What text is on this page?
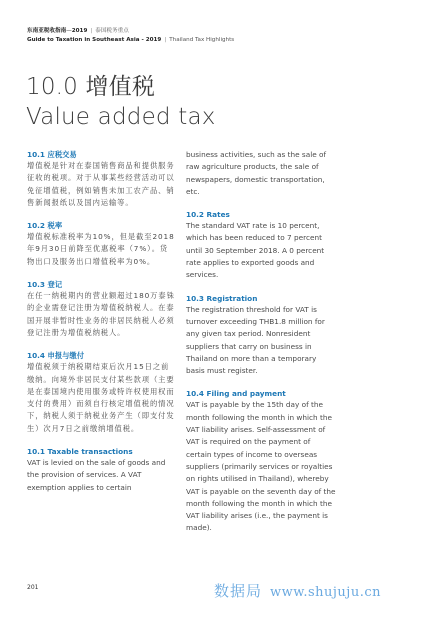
东南亚税收指南—2019 | 泰国税务重点
Guide to Taxation in Southeast Asia - 2019 | Thailand Tax Highlights
10.0 增值税
Value added tax

10.1 应税交易

增值税是针对在泰国销售商品和提供服务征收的税项。对于从事某些经营活动可以免征增值税，例如销售未加工农产品、销售新闻报纸以及国内运输等。

10.2 税率

增值税标准税率为10%，但是截至2018年9月30日前降至优惠税率（7%）。货物出口及服务出口增值税率为0%。

10.3 登记

在任一纳税期内的营业额超过180万泰铢的企业需登记注册为增值税纳税人。在泰国开展非暂时性业务的非居民纳税人必须登记注册为增值税纳税人。

10.4 申报与缴付

增值税须于纳税期结束后次月15日之前缴纳。向境外非居民支付某些款项（主要是在泰国境内使用服务或特许权使用权而支付的费用）而须自行核定增值税的情况下，纳税人须于纳税业务产生（即支付发生）次月7日之前缴纳增值税。

10.1 Taxable transactions

VAT is levied on the sale of goods and the provision of services. A VAT exemption applies to certain

business activities, such as the sale of raw agriculture products, the sale of newspapers, domestic transportation, etc.

10.2 Rates

The standard VAT rate is 10 percent, which has been reduced to 7 percent until 30 September 2018. A 0 percent rate applies to exported goods and services.

10.3 Registration

The registration threshold for VAT is turnover exceeding THB1.8 million for any given tax period. Nonresident suppliers that carry on business in Thailand on more than a temporary basis must register.

10.4 Filing and payment

VAT is payable by the 15th day of the month following the month in which the VAT liability arises. Self-assessment of VAT is required on the payment of certain types of income to overseas suppliers (primarily services or royalties on rights utilised in Thailand), whereby VAT is payable on the seventh day of the month following the month in which the VAT liability arises (i.e., the payment is made).

201	数据局 www.shujuju.cn
